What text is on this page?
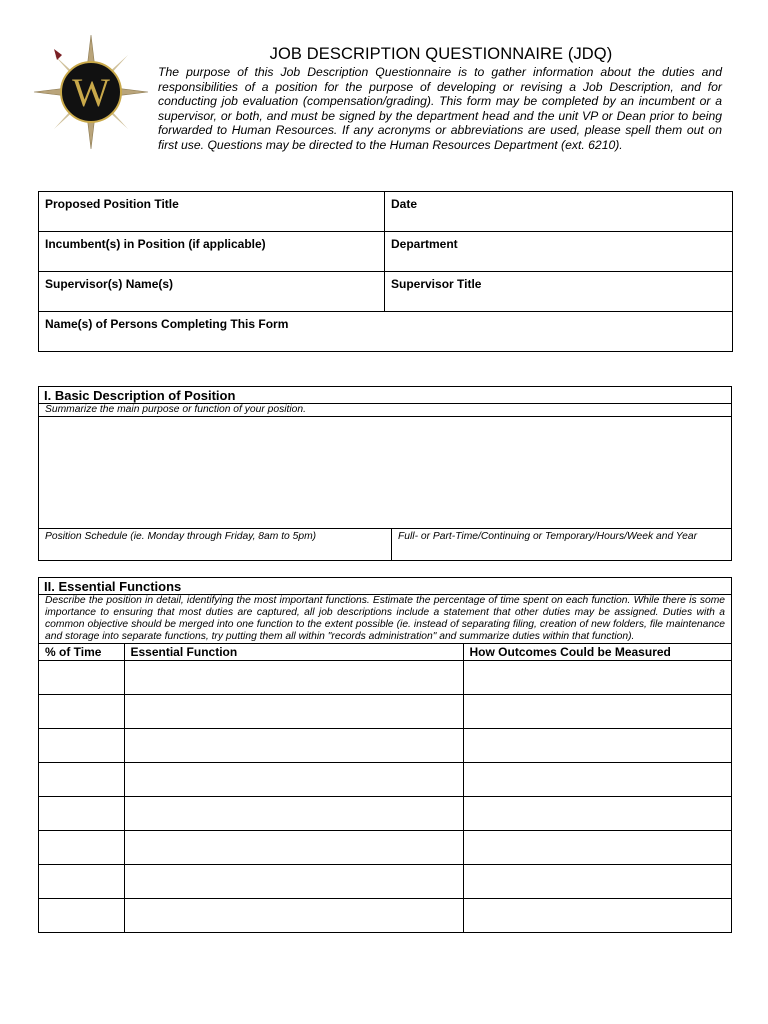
W
JOB DESCRIPTION QUESTIONNAIRE (JDQ)
The purpose of this Job Description Questionnaire is to gather information about the duties and responsibilities of a position for the purpose of developing or revising a Job Description, and for conducting job evaluation (compensation/grading). This form may be completed by an incumbent or a supervisor, or both, and must be signed by the department head and the unit VP or Dean prior to being forwarded to Human Resources. If any acronyms or abbreviations are used, please spell them out on first use. Questions may be directed to the Human Resources Department (ext. 6210).
Proposed Position Title	Date
Incumbent(s) in Position (if applicable)	Department
Supervisor(s) Name(s)	Supervisor Title
Name(s) of Persons Completing This Form	
I. Basic Description of Position
Summarize the main purpose or function of your position.
Position Schedule (ie. Monday through Friday, 8am to 5pm)	Full- or Part-Time/Continuing or Temporary/Hours/Week and Year
II. Essential Functions
Describe the position in detail, identifying the most important functions. Estimate the percentage of time spent on each function. While there is some importance to ensuring that most duties are captured, all job descriptions include a statement that other duties may be assigned. Duties with a common objective should be merged into one function to the extent possible (ie. instead of separating filing, creation of new folders, file maintenance and storage into separate functions, try putting them all within "records administration" and summarize duties within that function).
% of Time	Essential Function	How Outcomes Could be Measured
